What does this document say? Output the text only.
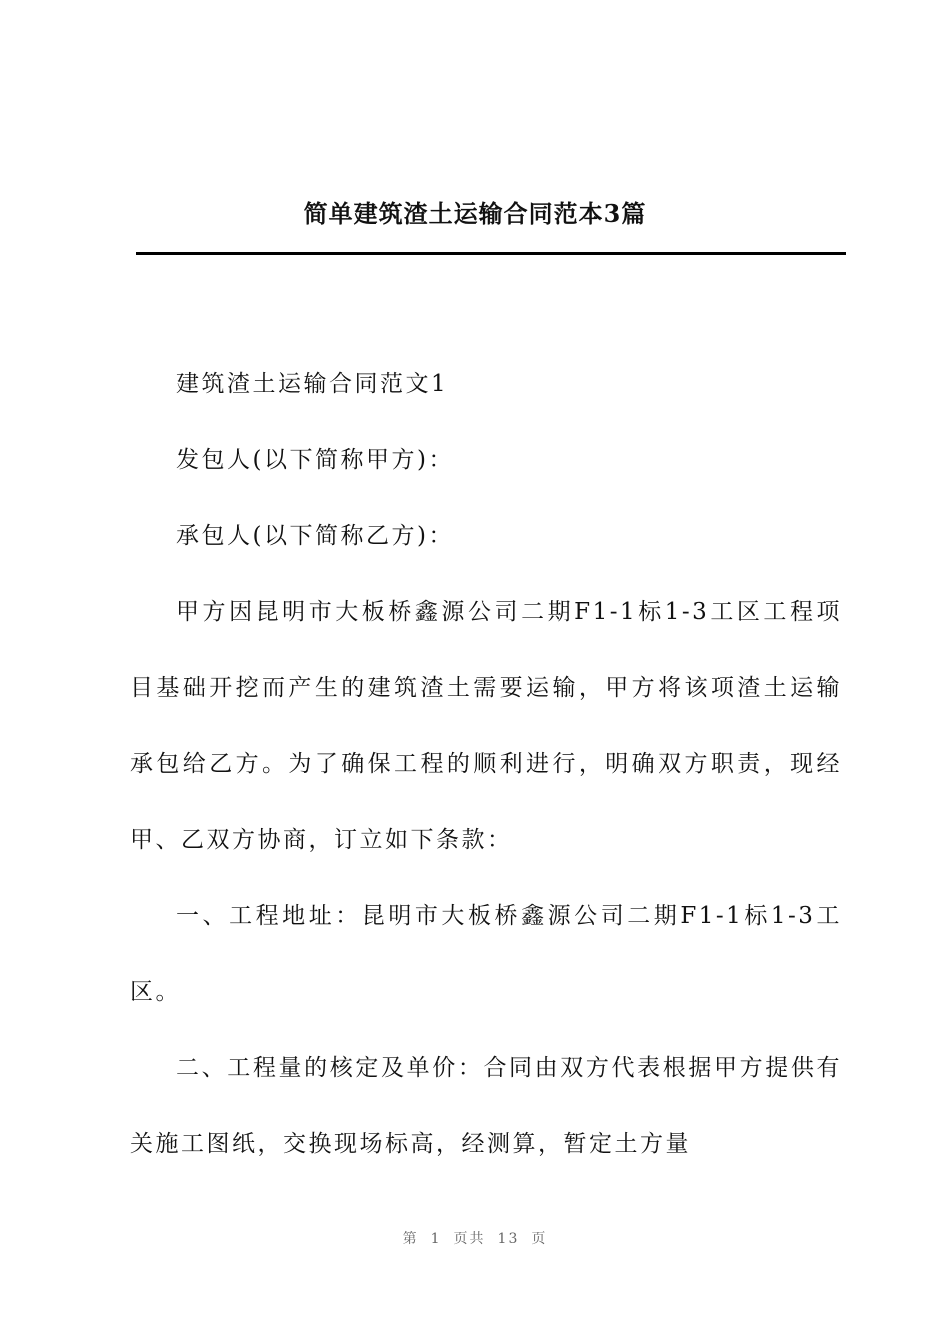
简单建筑渣土运输合同范本3篇

建筑渣土运输合同范文1

发包人(以下简称甲方)：

承包人(以下简称乙方)：

甲方因昆明市大板桥鑫源公司二期F1-1标1-3工区工程项目基础开挖而产生的建筑渣土需要运输，甲方将该项渣土运输承包给乙方。为了确保工程的顺利进行，明确双方职责，现经甲、乙双方协商，订立如下条款：

一、工程地址：昆明市大板桥鑫源公司二期F1-1标1-3工区。

二、工程量的核定及单价：合同由双方代表根据甲方提供有关施工图纸，交换现场标高，经测算，暂定土方量

第 1 页共 13 页
